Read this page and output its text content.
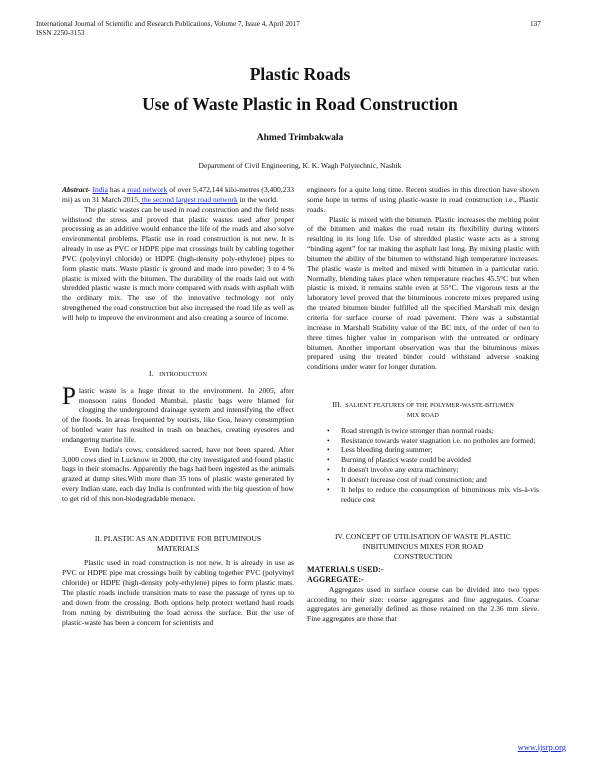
International Journal of Scientific and Research Publications, Volume 7, Issue 4, April 2017
ISSN 2250-3153
137
Plastic Roads
Use of Waste Plastic in Road Construction
Ahmed Trimbakwala
Department of Civil Engineering, K. K. Wagh Polytechnic, Nashik

Abstract- India has a road network of over 5,472,144 kilo-metres (3,400,233 mi) as on 31 March 2015, the second largest road network in the world.

The plastic wastes can be used in road construction and the field tests withstood the stress and proved that plastic wastes used after proper processing as an additive would enhance the life of the roads and also solve environmental problems. Plastic use in road construction is not new. It is already in use as PVC or HDPE pipe mat crossings built by cabling together PVC (polyvinyl chloride) or HDPE (high-density poly-ethylene) pipes to form plastic mats. Waste plastic is ground and made into powder; 3 to 4 % plastic is mixed with the bitumen. The durability of the roads laid out with shredded plastic waste is much more compared with roads with asphalt with the ordinary mix. The use of the innovative technology not only strengthened the road construction but also increased the road life as well as will help to improve the environment and also creating a source of income.

I. INTRODUCTION

Plastic waste is a huge threat to the environment. In 2005, after monsoon rains flooded Mumbai, plastic bags were blamed for clogging the underground drainage system and intensifying the effect of the floods. In areas frequented by tourists, like Goa, heavy consumption of bottled water has resulted in trash on beaches, creating eyesores and endangering marine life.

Even India's cows, considered sacred, have not been spared. After 3,000 cows died in Lucknow in 2000, the city investigated and found plastic bags in their stomachs. Apparently the bags had been ingested as the animals grazed at dump sites.With more than 35 tons of plastic waste generated by every Indian state, each day India is confronted with the big question of how to get rid of this non-biodegradable menace.

II. PLASTIC AS AN ADDITIVE FOR BITUMINOUS

MATERIALS

Plastic used in road construction is not new. It is already in use as PVC or HDPE pipe mat crossings built by cabling together PVC (polyvinyl chloride) or HDPE (high-density poly-ethylene) pipes to form plastic mats. The plastic roads include transition mats to ease the passage of tyres up to and down from the crossing. Both options help protect wetland haul roads from rutting by distributing the load across the surface. But the use of plastic-waste has been a concern for scientists and

engineers for a quite long time. Recent studies in this direction have shown some hope in terms of using plastic-waste in road construction i.e., Plastic roads.

Plastic is mixed with the bitumen. Plastic increases the melting point of the bitumen and makes the road retain its flexibility during winters resulting in its long life. Use of shredded plastic waste acts as a strong “binding agent” for tar making the asphalt last long. By mixing plastic with bitumen the ability of the bitumen to withstand high temperature increases. The plastic waste is melted and mixed with bitumen in a particular ratio. Normally, blending takes place when temperature reaches 45.5°C but when plastic is mixed, it remains stable even at 55°C. The vigorous tests at the laboratory level proved that the bituminous concrete mixes prepared using the treated bitumen binder fulfilled all the specified Marshall mix design criteria for surface course of road pavement. There was a substantial increase in Marshall Stability value of the BC mix, of the order of two to three times higher value in comparison with the untreated or ordinary bitumen. Another important observation was that the bituminous mixes prepared using the treated binder could withstand adverse soaking conditions under water for longer duration.

III. SALIENT FEATURES OF THE POLYMER-WASTE-BITUMEN

MIX ROAD

• Road strength is twice stronger than normal roads;
• Resistance towards water stagnation i.e. no potholes are formed;
• Less bleeding during summer;
• Burning of plastics waste could be avoided
• It doesn't involve any extra machinery;
• It doesn't increase cost of road construction; and
• It helps to reduce the consumption of bituminous mix vis-à-vis reduce cost

IV. CONCEPT OF UTILISATION OF WASTE PLASTIC

INBITUMINOUS MIXES FOR ROAD

CONSTRUCTION

MATERIALS USED:-

AGGREGATE:-

Aggregates used in surface course can be divided into two types according to their size: coarse aggregates and fine aggregates. Coarse aggregates are generally defined as those retained on the 2.36 mm sieve. Fine aggregates are those that

www.ijsrp.org
